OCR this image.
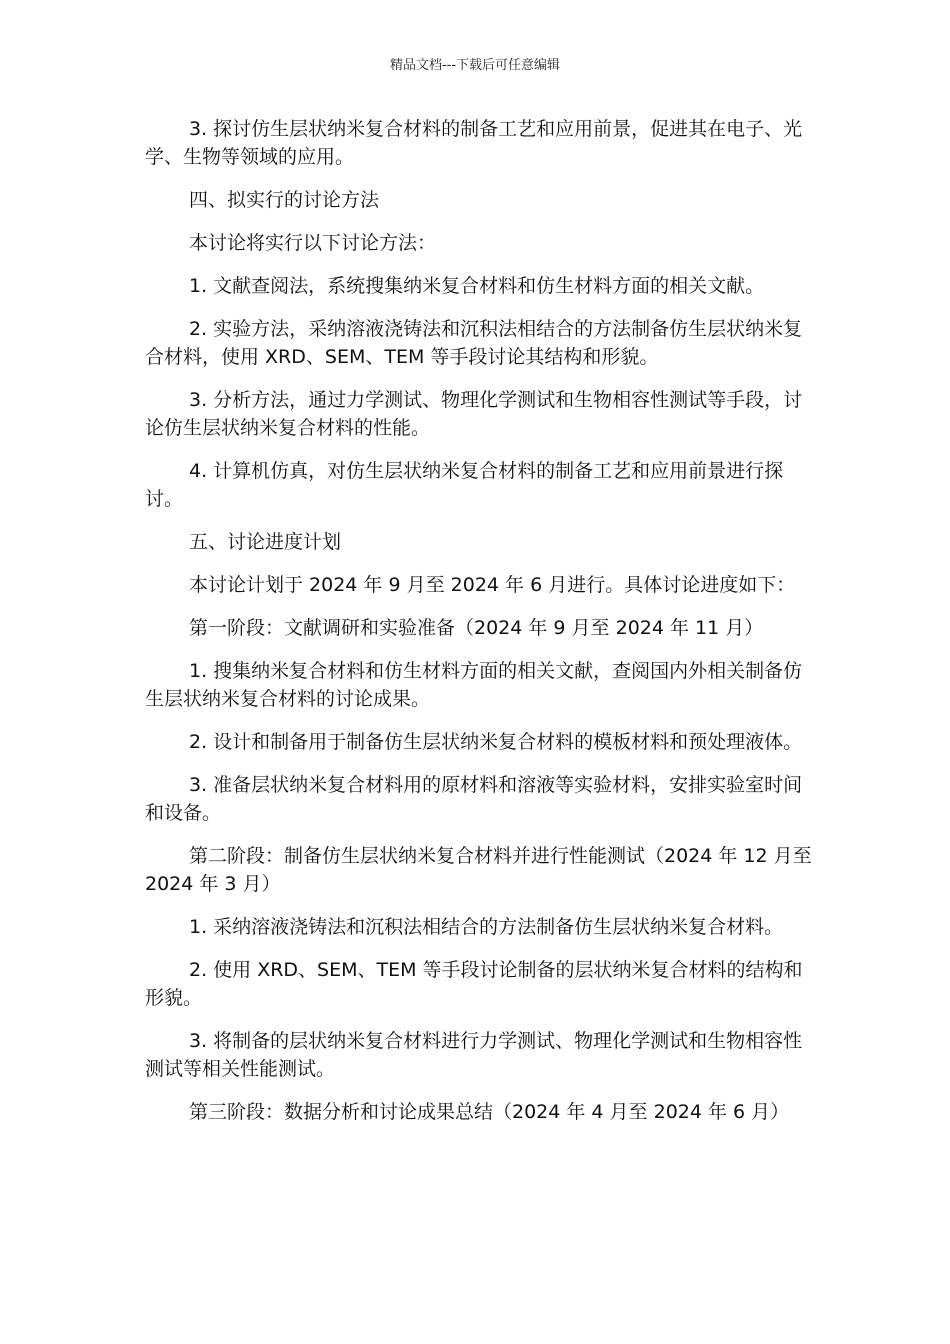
精品文档---下载后可任意编辑

3. 探讨仿生层状纳米复合材料的制备工艺和应用前景，促进其在电子、光学、生物等领域的应用。

四、拟实行的讨论方法

本讨论将实行以下讨论方法：

1. 文献查阅法，系统搜集纳米复合材料和仿生材料方面的相关文献。

2. 实验方法，采纳溶液浇铸法和沉积法相结合的方法制备仿生层状纳米复合材料，使用 XRD、SEM、TEM 等手段讨论其结构和形貌。

3. 分析方法，通过力学测试、物理化学测试和生物相容性测试等手段，讨论仿生层状纳米复合材料的性能。

4. 计算机仿真，对仿生层状纳米复合材料的制备工艺和应用前景进行探讨。

五、讨论进度计划

本讨论计划于 2024 年 9 月至 2024 年 6 月进行。具体讨论进度如下：

第一阶段：文献调研和实验准备（2024 年 9 月至 2024 年 11 月）

1. 搜集纳米复合材料和仿生材料方面的相关文献，查阅国内外相关制备仿生层状纳米复合材料的讨论成果。

2. 设计和制备用于制备仿生层状纳米复合材料的模板材料和预处理液体。

3. 准备层状纳米复合材料用的原材料和溶液等实验材料，安排实验室时间和设备。

第二阶段：制备仿生层状纳米复合材料并进行性能测试（2024 年 12 月至 2024 年 3 月）

1. 采纳溶液浇铸法和沉积法相结合的方法制备仿生层状纳米复合材料。

2. 使用 XRD、SEM、TEM 等手段讨论制备的层状纳米复合材料的结构和形貌。

3. 将制备的层状纳米复合材料进行力学测试、物理化学测试和生物相容性测试等相关性能测试。

第三阶段：数据分析和讨论成果总结（2024 年 4 月至 2024 年 6 月）
